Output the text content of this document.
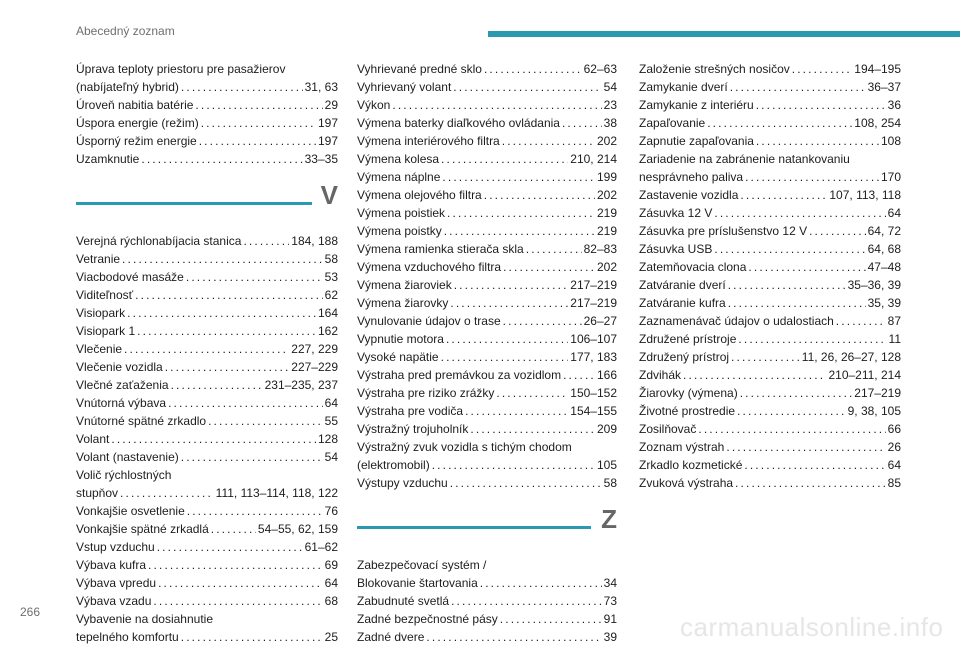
Abecedný zoznam
Úprava teploty priestoru pre pasažierov
(nabíjateľný hybrid) . . .	31, 63
Úroveň nabitia batérie . . .	29
Úspora energie (režim) . . .	197
Úsporný režim energie . . .	197
Uzamknutie . . .	33–35
V
Verejná rýchlonabíjacia stanica . . .	184, 188
Vetranie . . .	58
Viacbodové masáže . . .	53
Viditeľnosť . . .	62
Visiopark . . .	164
Visiopark 1 . . .	162
Vlečenie . . .	227, 229
Vlečenie vozidla . . .	227–229
Vlečné zaťaženia . . .	231–235, 237
Vnútorná výbava . . .	64
Vnútorné spätné zrkadlo . . .	55
Volant . . .	128
Volant (nastavenie) . . .	54
Volič rýchlostných
stupňov . . .	111, 113–114, 118, 122
Vonkajšie osvetlenie . . .	76
Vonkajšie spätné zrkadlá . . .	54–55, 62, 159
Vstup vzduchu . . .	61–62
Výbava kufra . . .	69
Výbava vpredu . . .	64
Výbava vzadu . . .	68
Vybavenie na dosiahnutie
tepelného komfortu . . .	25
Vyhrievané predné sklo . . .	62–63
Vyhrievaný volant . . .	54
Výkon . . .	23
Výmena baterky diaľkového ovládania . . .	38
Výmena interiérového filtra . . .	202
Výmena kolesa . . .	210, 214
Výmena náplne . . .	199
Výmena olejového filtra . . .	202
Výmena poistiek . . .	219
Výmena poistky . . .	219
Výmena ramienka stierača skla . . .	82–83
Výmena vzduchového filtra . . .	202
Výmena žiaroviek . . .	217–219
Výmena žiarovky . . .	217–219
Vynulovanie údajov o trase . . .	26–27
Vypnutie motora . . .	106–107
Vysoké napätie . . .	177, 183
Výstraha pred premávkou za vozidlom . . .	166
Výstraha pre riziko zrážky . . .	150–152
Výstraha pre vodiča . . .	154–155
Výstražný trojuholník . . .	209
Výstražný zvuk vozidla s tichým chodom
(elektromobil) . . .	105
Výstupy vzduchu . . .	58
Z
Zabezpečovací systém /
Blokovanie štartovania . . .	34
Zabudnuté svetlá . . .	73
Zadné bezpečnostné pásy . . .	91
Zadné dvere . . .	39
Založenie strešných nosičov . . .	194–195
Zamykanie dverí . . .	36–37
Zamykanie z interiéru . . .	36
Zapaľovanie . . .	108, 254
Zapnutie zapaľovania . . .	108
Zariadenie na zabránenie natankovaniu
nesprávneho paliva . . .	170
Zastavenie vozidla . . .	107, 113, 118
Zásuvka 12 V . . .	64
Zásuvka pre príslušenstvo 12 V . . .	64, 72
Zásuvka USB . . .	64, 68
Zatemňovacia clona . . .	47–48
Zatváranie dverí . . .	35–36, 39
Zatváranie kufra . . .	35, 39
Zaznamenávač údajov o udalostiach . . .	87
Združené prístroje . . .	11
Združený prístroj . . .	11, 26, 26–27, 128
Zdvihák . . .	210–211, 214
Žiarovky (výmena) . . .	217–219
Životné prostredie . . .	9, 38, 105
Zosilňovač . . .	66
Zoznam výstrah . . .	26
Zrkadlo kozmetické . . .	64
Zvuková výstraha . . .	85
266	carmanualsonline.info
